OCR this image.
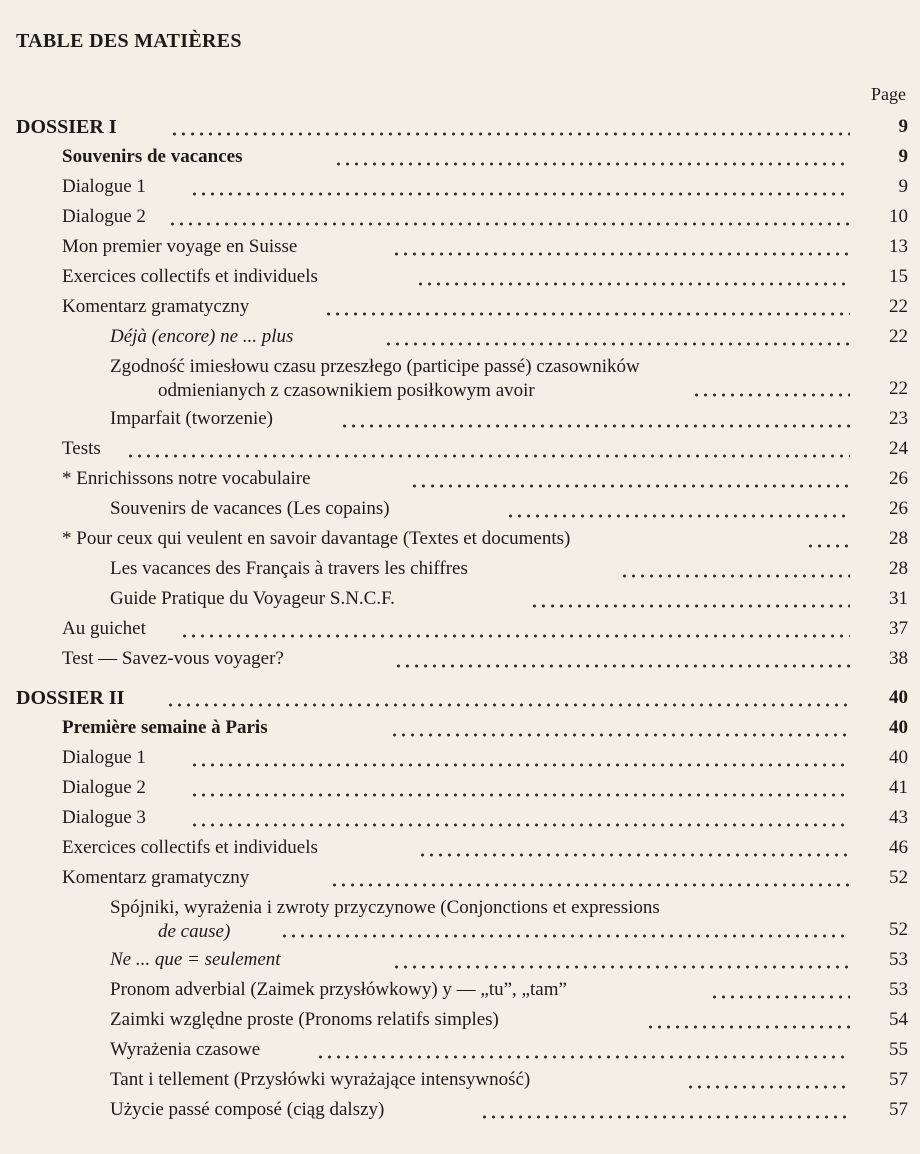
TABLE DES MATIÈRES
Page
DOSSIER I	9
Souvenirs de vacances	9
Dialogue 1	9
Dialogue 2	10
Mon premier voyage en Suisse	13
Exercices collectifs et individuels	15
Komentarz gramatyczny	22
Déjà (encore) ne ... plus	22
Zgodność imiesłowu czasu przeszłego (participe passé) czasowników
odmienianych z czasownikiem posiłkowym avoir	22
Imparfait (tworzenie)	23
Tests	24
* Enrichissons notre vocabulaire	26
Souvenirs de vacances (Les copains)	26
* Pour ceux qui veulent en savoir davantage (Textes et documents)	28
Les vacances des Français à travers les chiffres	28
Guide Pratique du Voyageur S.N.C.F.	31
Au guichet	37
Test — Savez-vous voyager?	38
DOSSIER II	40
Première semaine à Paris	40
Dialogue 1	40
Dialogue 2	41
Dialogue 3	43
Exercices collectifs et individuels	46
Komentarz gramatyczny	52
Spójniki, wyrażenia i zwroty przyczynowe (Conjonctions et expressions
de cause)	52
Ne ... que = seulement	53
Pronom adverbial (Zaimek przysłówkowy) y — „tu”, „tam”	53
Zaimki względne proste (Pronoms relatifs simples)	54
Wyrażenia czasowe	55
Tant i tellement (Przysłówki wyrażające intensywność)	57
Użycie passé composé (ciąg dalszy)	57
